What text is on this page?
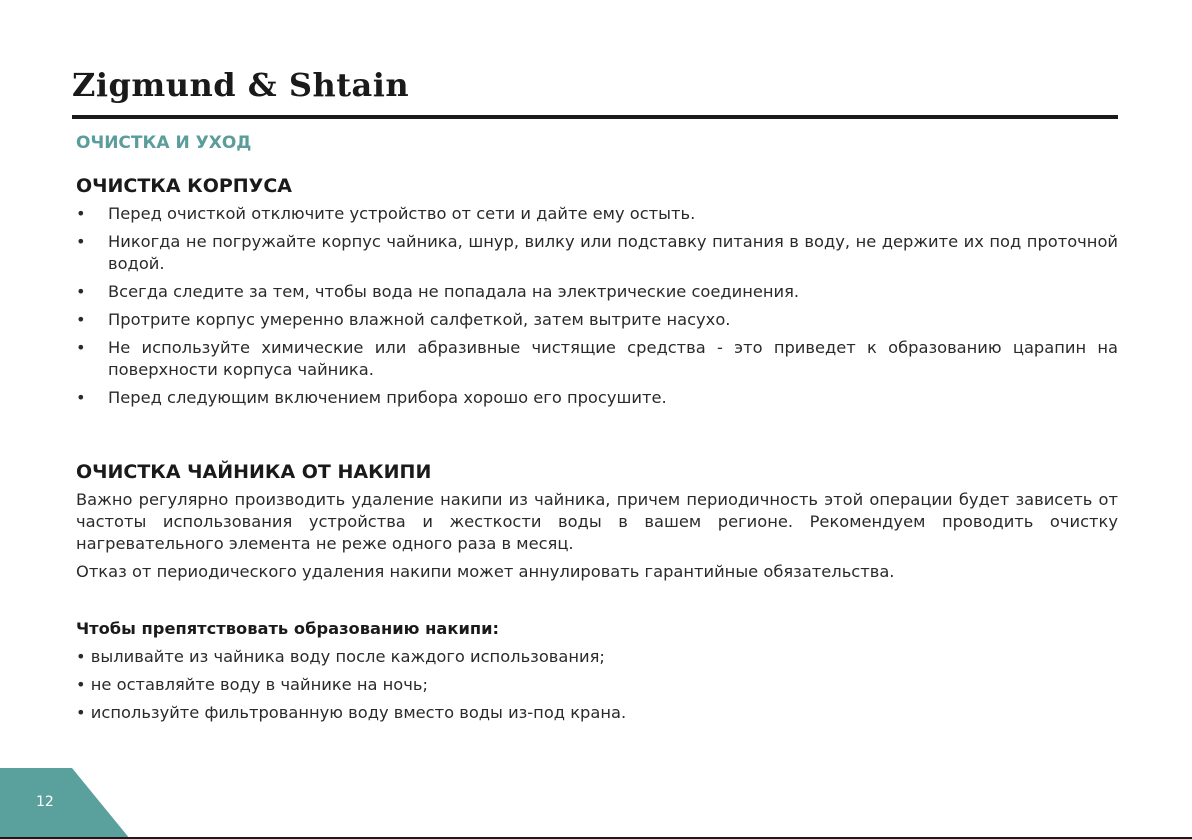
Zigmund & Shtain
ОЧИСТКА И УХОД
ОЧИСТКА КОРПУСА
• Перед очисткой отключите устройство от сети и дайте ему остыть.
• Никогда не погружайте корпус чайника, шнур, вилку или подставку питания в воду, не держите их под проточной водой.
• Всегда следите за тем, чтобы вода не попадала на электрические соединения.
• Протрите корпус умеренно влажной салфеткой, затем вытрите насухо.
• Не используйте химические или абразивные чистящие средства - это приведет к образованию царапин на поверхности корпуса чайника.
• Перед следующим включением прибора хорошо его просушите.
ОЧИСТКА ЧАЙНИКА ОТ НАКИПИ

Важно регулярно производить удаление накипи из чайника, причем периодичность этой операции будет зависеть от частоты использования устройства и жесткости воды в вашем регионе. Рекомендуем проводить очистку нагревательного элемента не реже одного раза в месяц.

Отказ от периодического удаления накипи может аннулировать гарантийные обязательства.

Чтобы препятствовать образованию накипи:
• выливайте из чайника воду после каждого использования;
• не оставляйте воду в чайнике на ночь;
• используйте фильтрованную воду вместо воды из-под крана.
12
